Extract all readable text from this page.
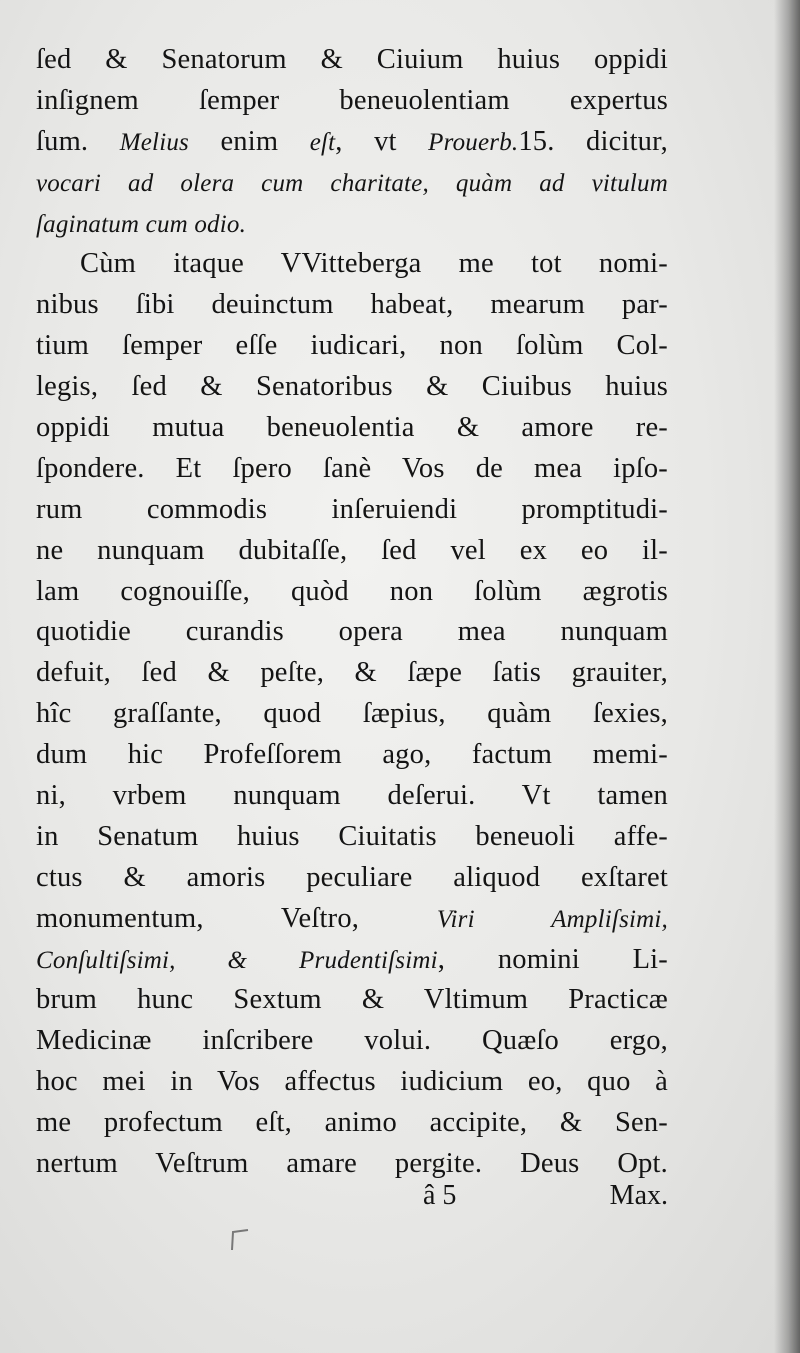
ſed & Senatorum & Ciuium huius oppidi
inſignem ſemper beneuolentiam expertus
ſum. Melius enim eſt, vt Prouerb.15. dicitur,
vocari ad olera cum charitate, quàm ad vitulum
ſaginatum cum odio.
Cùm itaque VVitteberga me tot nomi-
nibus ſibi deuinctum habeat, mearum par-
tium ſemper eſſe iudicari, non ſolùm Col-
legis, ſed & Senatoribus & Ciuibus huius
oppidi mutua beneuolentia & amore re-
ſpondere. Et ſpero ſanè Vos de mea ipſo-
rum commodis inſeruiendi promptitudi-
ne nunquam dubitaſſe, ſed vel ex eo il-
lam cognouiſſe, quòd non ſolùm ægrotis
quotidie curandis opera mea nunquam
defuit, ſed & peſte, & ſæpe ſatis grauiter,
hîc graſſante, quod ſæpius, quàm ſexies,
dum hic Profeſſorem ago, factum memi-
ni, vrbem nunquam deſerui. Vt tamen
in Senatum huius Ciuitatis beneuoli affe-
ctus & amoris peculiare aliquod exſtaret
monumentum, Veſtro, Viri Ampliſsimi,
Conſultiſsimi, & Prudentiſsimi, nomini Li-
brum hunc Sextum & Vltimum Practicæ
Medicinæ inſcribere volui. Quæſo ergo,
hoc mei in Vos affectus iudicium eo, quo à
me profectum eſt, animo accipite, & Sen-
nertum Veſtrum amare pergite. Deus Opt.
â 5	Max.
